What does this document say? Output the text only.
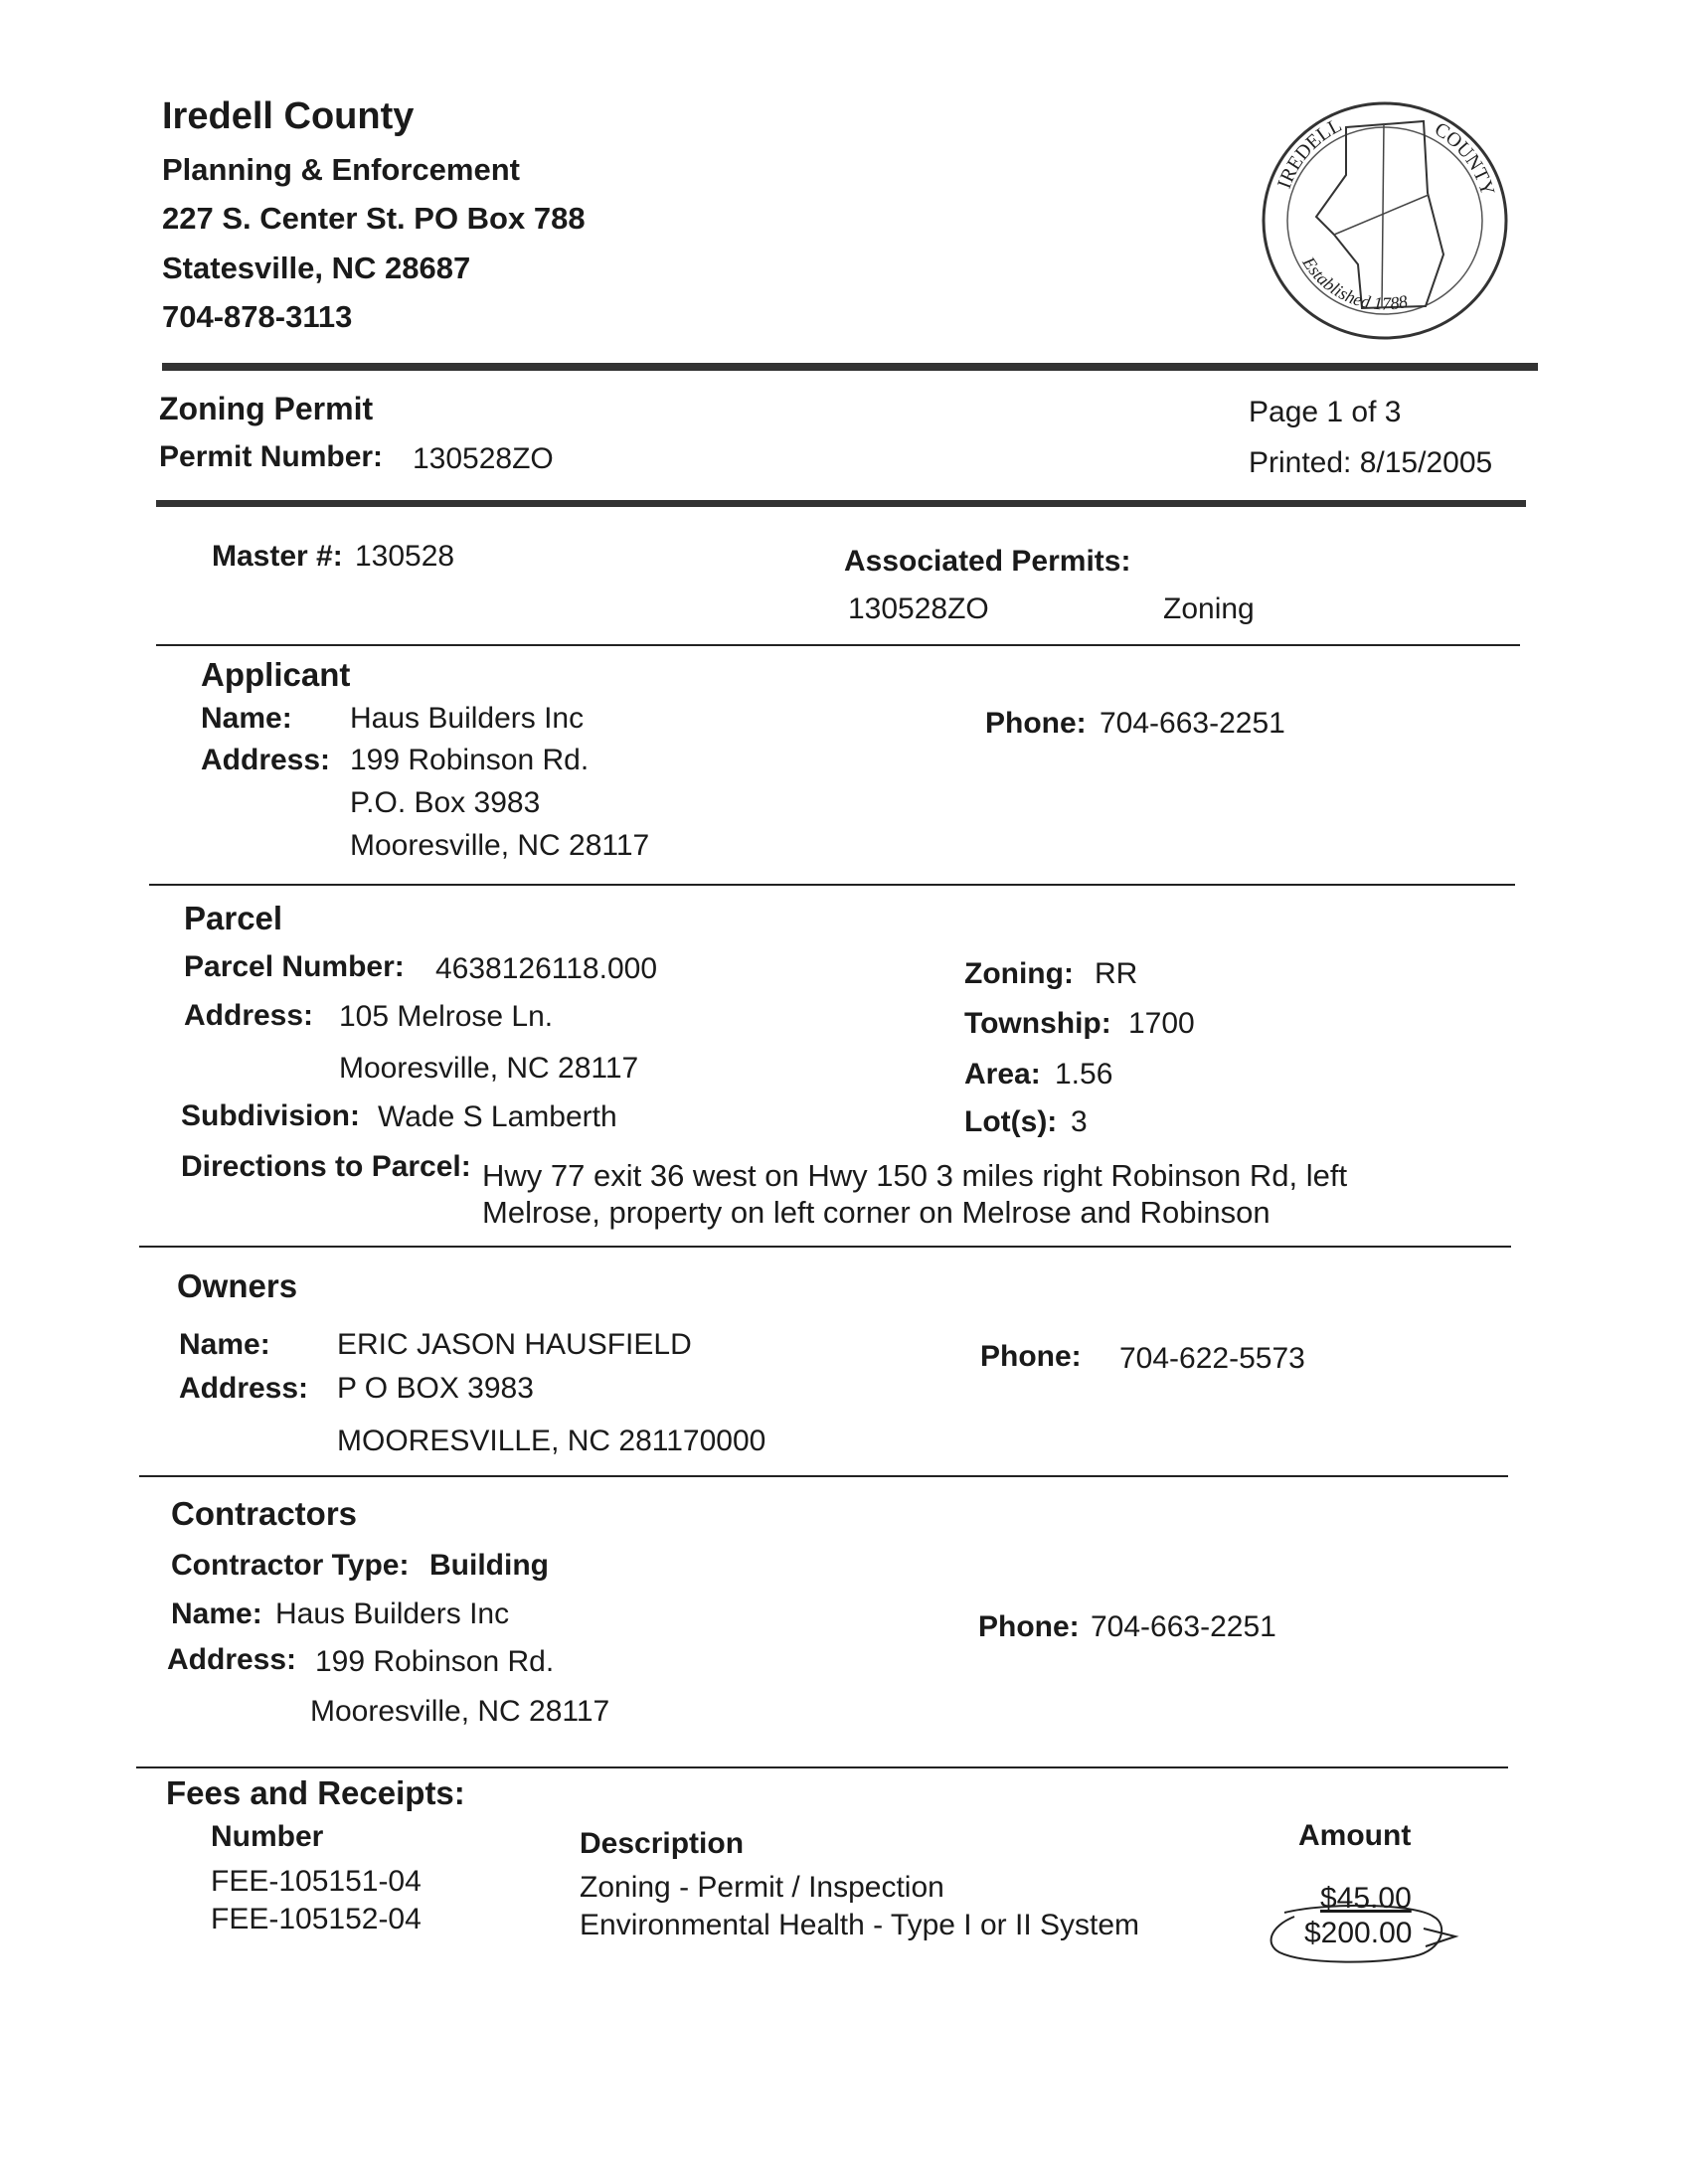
Iredell County
Planning & Enforcement
227 S. Center St. PO Box 788
Statesville, NC 28687
704-878-3113
IREDELL	COUNTY
Established 1788
Zoning Permit
Permit Number: 130528ZO
Page 1 of 3
Printed: 8/15/2005
Master #: 130528	Associated Permits:
130528ZO	Zoning
Applicant
Name: Haus Builders Inc
Address: 199 Robinson Rd.
P.O. Box 3983
Mooresville, NC 28117
Phone: 704-663-2251
Parcel
Parcel Number: 4638126118.000
Address: 105 Melrose Ln.
Mooresville, NC 28117
Subdivision: Wade S Lamberth
Zoning: RR
Township: 1700
Area: 1.56
Lot(s): 3
Directions to Parcel: Hwy 77 exit 36 west on Hwy 150 3 miles right Robinson Rd, left
Melrose, property on left corner on Melrose and Robinson
Owners
Name: ERIC JASON HAUSFIELD
Address: P O BOX 3983
MOORESVILLE, NC 281170000
Phone: 704-622-5573
Contractors
Contractor Type: Building
Name: Haus Builders Inc
Address: 199 Robinson Rd.
Mooresville, NC 28117
Phone: 704-663-2251
Fees and Receipts:
Number	Description	Amount
FEE-105151-04	Zoning - Permit / Inspection	$45.00
FEE-105152-04	Environmental Health - Type I or II System	$200.00
